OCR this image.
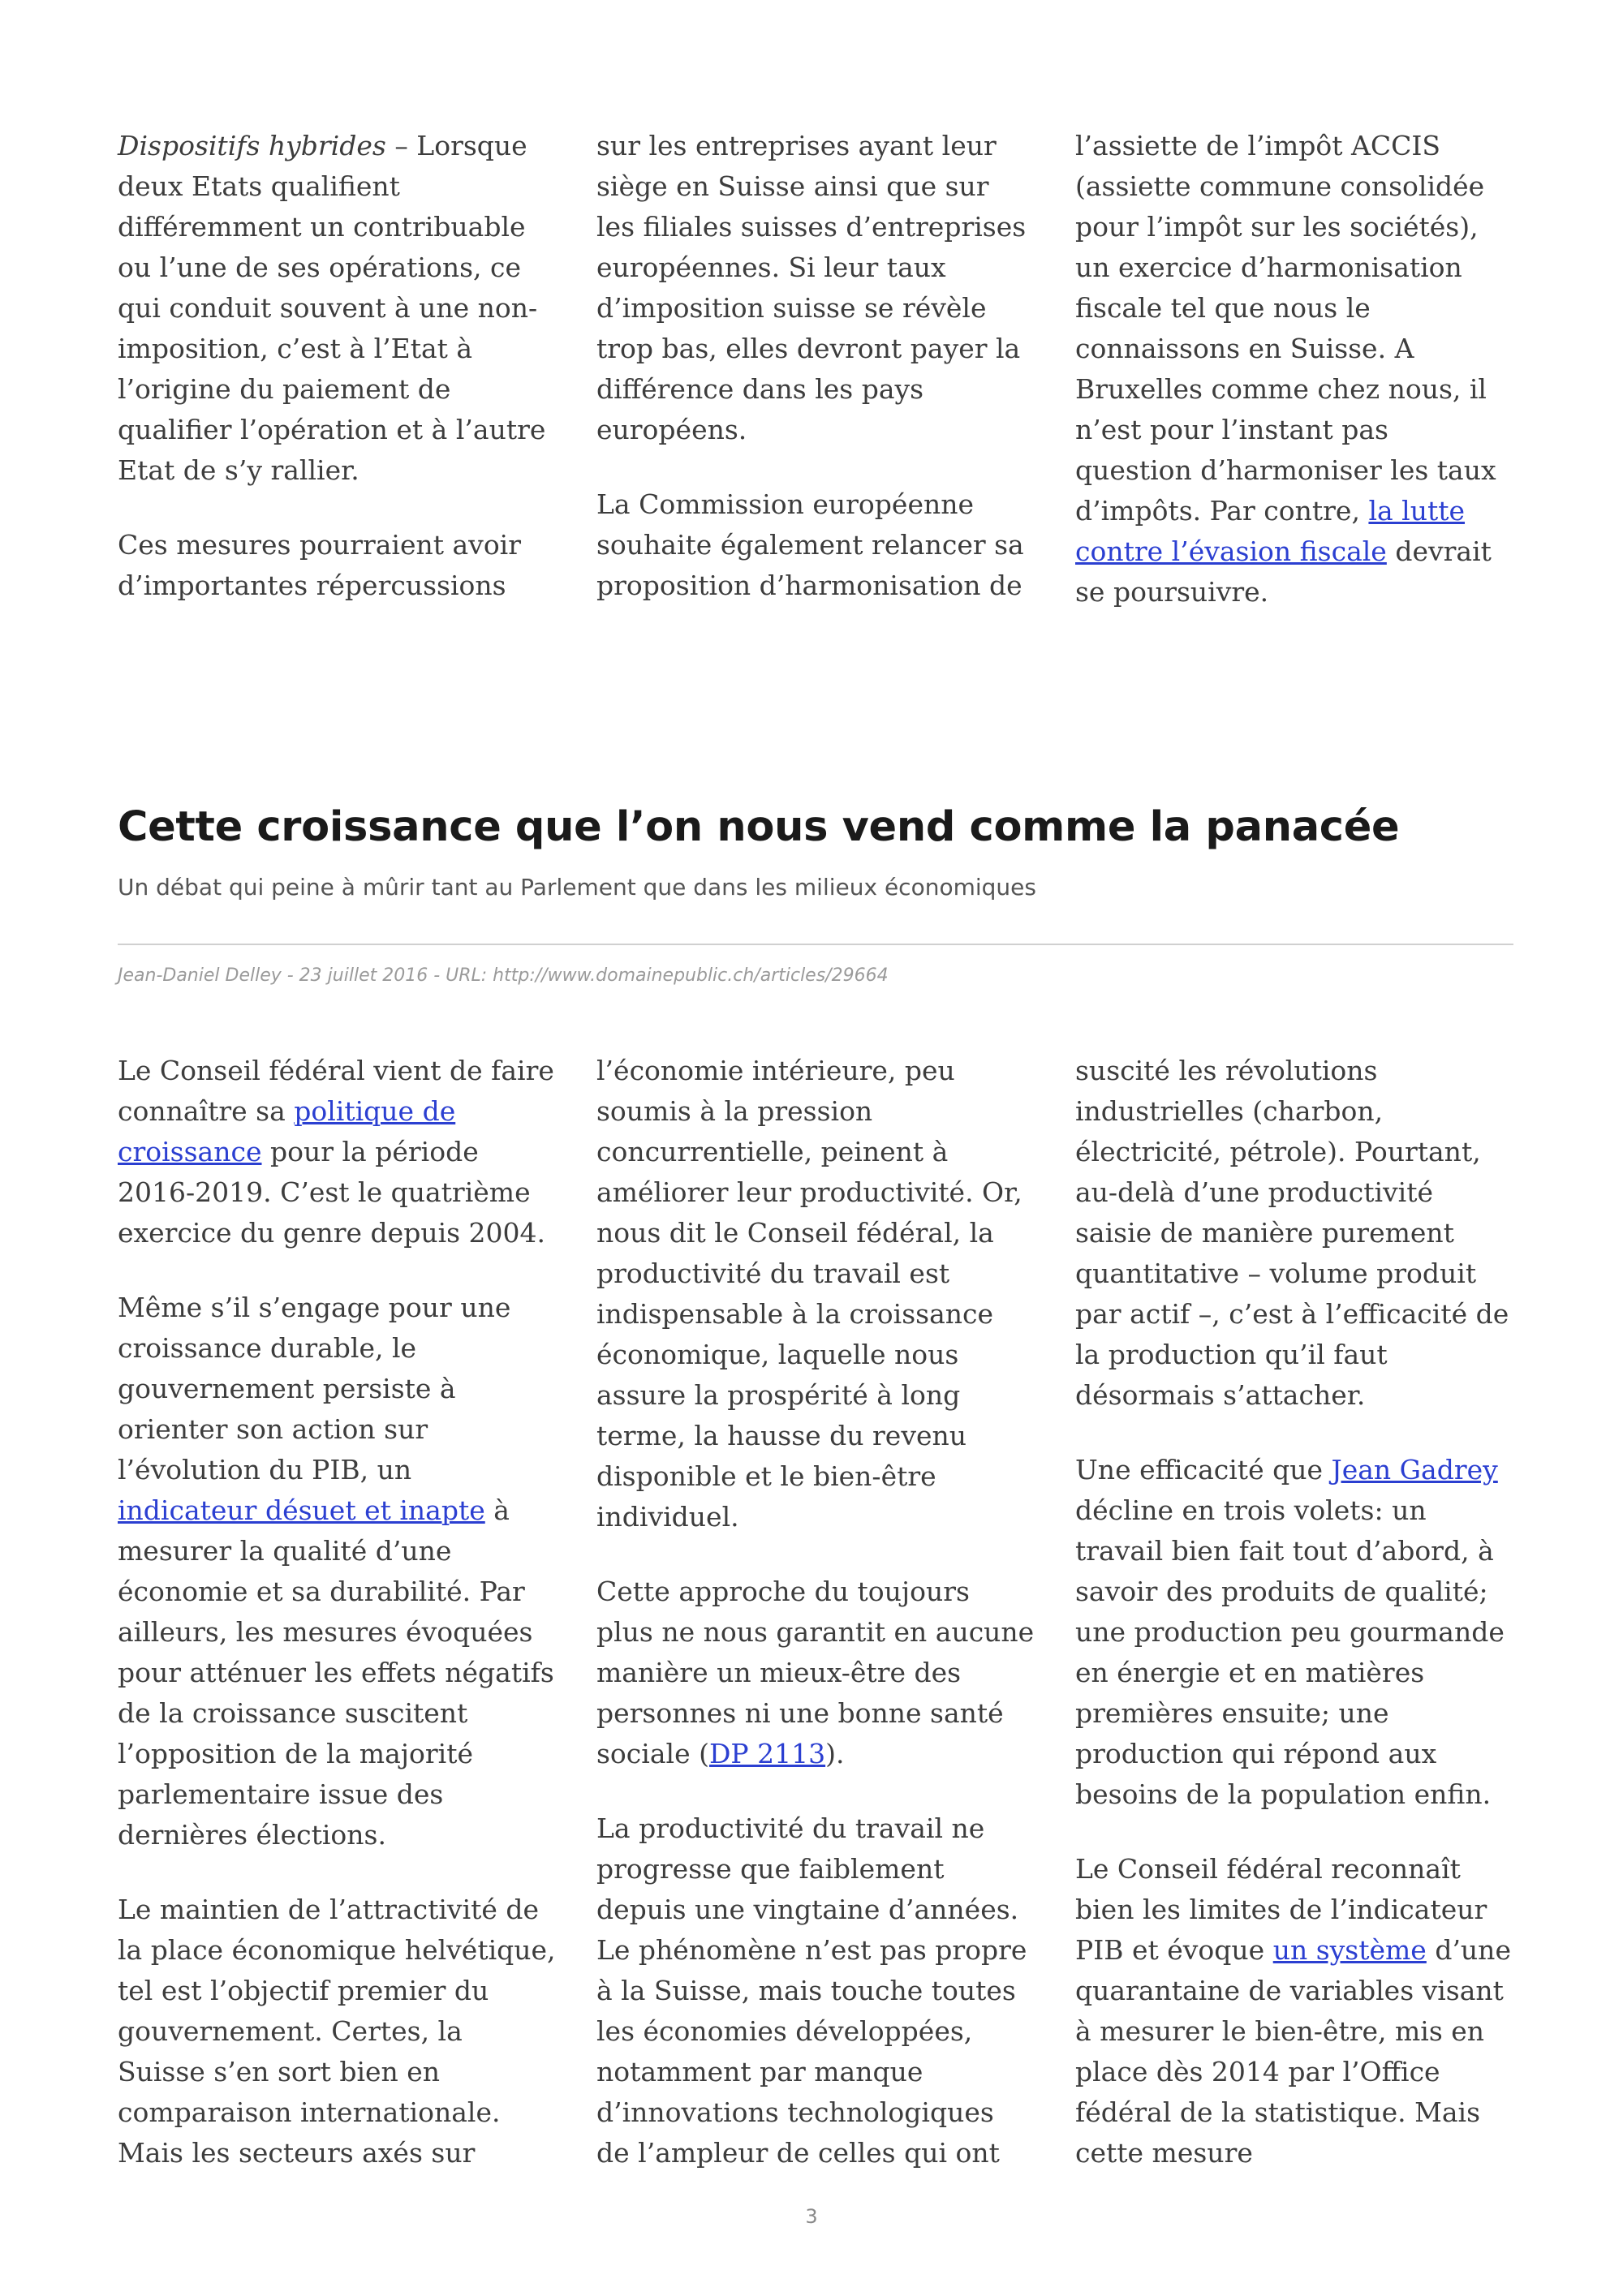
Dispositifs hybrides – Lorsque deux Etats qualifient différemment un contribuable ou l’une de ses opérations, ce qui conduit souvent à une non-imposition, c’est à l’Etat à l’origine du paiement de qualifier l’opération et à l’autre Etat de s’y rallier.

Ces mesures pourraient avoir d’importantes répercussions

sur les entreprises ayant leur siège en Suisse ainsi que sur les filiales suisses d’entreprises européennes. Si leur taux d’imposition suisse se révèle trop bas, elles devront payer la différence dans les pays européens.

La Commission européenne souhaite également relancer sa proposition d’harmonisation de

l’assiette de l’impôt ACCIS (assiette commune consolidée pour l’impôt sur les sociétés), un exercice d’harmonisation fiscale tel que nous le connaissons en Suisse. A Bruxelles comme chez nous, il n’est pour l’instant pas question d’harmoniser les taux d’impôts. Par contre, la lutte contre l’évasion fiscale devrait se poursuivre.

Cette croissance que l’on nous vend comme la panacée

Un débat qui peine à mûrir tant au Parlement que dans les milieux économiques

Jean-Daniel Delley - 23 juillet 2016 - URL: http://www.domainepublic.ch/articles/29664

Le Conseil fédéral vient de faire connaître sa politique de croissance pour la période 2016-2019. C’est le quatrième exercice du genre depuis 2004.

Même s’il s’engage pour une croissance durable, le gouvernement persiste à orienter son action sur l’évolution du PIB, un indicateur désuet et inapte à mesurer la qualité d’une économie et sa durabilité. Par ailleurs, les mesures évoquées pour atténuer les effets négatifs de la croissance suscitent l’opposition de la majorité parlementaire issue des dernières élections.

Le maintien de l’attractivité de la place économique helvétique, tel est l’objectif premier du gouvernement. Certes, la Suisse s’en sort bien en comparaison internationale. Mais les secteurs axés sur

l’économie intérieure, peu soumis à la pression concurrentielle, peinent à améliorer leur productivité. Or, nous dit le Conseil fédéral, la productivité du travail est indispensable à la croissance économique, laquelle nous assure la prospérité à long terme, la hausse du revenu disponible et le bien-être individuel.

Cette approche du toujours plus ne nous garantit en aucune manière un mieux-être des personnes ni une bonne santé sociale (DP 2113).

La productivité du travail ne progresse que faiblement depuis une vingtaine d’années. Le phénomène n’est pas propre à la Suisse, mais touche toutes les économies développées, notamment par manque d’innovations technologiques de l’ampleur de celles qui ont

suscité les révolutions industrielles (charbon, électricité, pétrole). Pourtant, au-delà d’une productivité saisie de manière purement quantitative – volume produit par actif –, c’est à l’efficacité de la production qu’il faut désormais s’attacher.

Une efficacité que Jean Gadrey décline en trois volets: un travail bien fait tout d’abord, à savoir des produits de qualité; une production peu gourmande en énergie et en matières premières ensuite; une production qui répond aux besoins de la population enfin.

Le Conseil fédéral reconnaît bien les limites de l’indicateur PIB et évoque un système d’une quarantaine de variables visant à mesurer le bien-être, mis en place dès 2014 par l’Office fédéral de la statistique. Mais cette mesure

3
